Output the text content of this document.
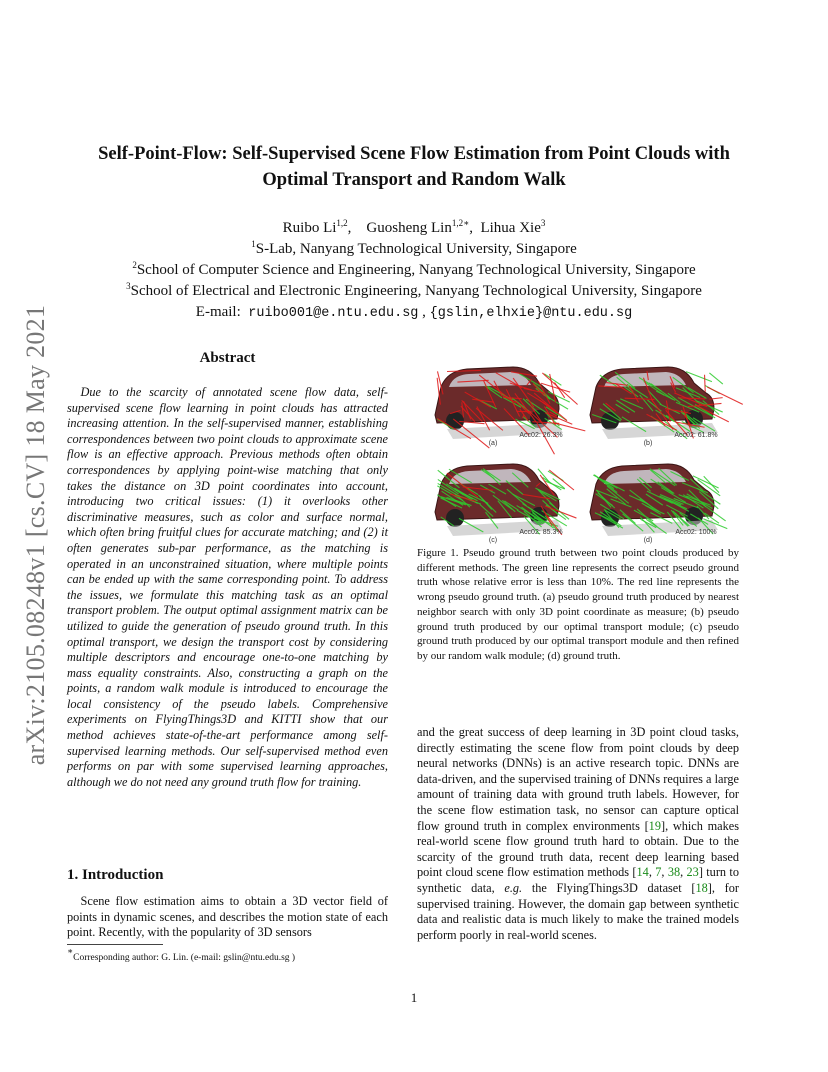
arXiv:2105.08248v1 [cs.CV] 18 May 2021
Self-Point-Flow: Self-Supervised Scene Flow Estimation from Point Clouds with
Optimal Transport and Random Walk
Ruibo Li$^{1,2}$,    Guosheng Lin$^{1,2∗}$,  Lihua Xie$^3$
$^1$S-Lab, Nanyang Technological University, Singapore
$^2$School of Computer Science and Engineering, Nanyang Technological University, Singapore
$^3$School of Electrical and Electronic Engineering, Nanyang Technological University, Singapore
E-mail: ruibo001@e.ntu.edu.sg , {gslin,elhxie}@ntu.edu.sg
Abstract
Due to the scarcity of annotated scene flow data, self-supervised scene flow learning in point clouds has attracted increasing attention. In the self-supervised manner, establishing correspondences between two point clouds to approximate scene flow is an effective approach. Previous methods often obtain correspondences by applying point-wise matching that only takes the distance on 3D point coordinates into account, introducing two critical issues: (1) it overlooks other discriminative measures, such as color and surface normal, which often bring fruitful clues for accurate matching; and (2) it often generates sub-par performance, as the matching is operated in an unconstrained situation, where multiple points can be ended up with the same corresponding point. To address the issues, we formulate this matching task as an optimal transport problem. The output optimal assignment matrix can be utilized to guide the generation of pseudo ground truth. In this optimal transport, we design the transport cost by considering multiple descriptors and encourage one-to-one matching by mass equality constraints. Also, constructing a graph on the points, a random walk module is introduced to encourage the local consistency of the pseudo labels. Comprehensive experiments on FlyingThings3D and KITTI show that our method achieves state-of-the-art performance among self-supervised learning methods. Our self-supervised method even performs on par with some supervised learning approaches, although we do not need any ground truth flow for training.
1. Introduction
Scene flow estimation aims to obtain a 3D vector field of points in dynamic scenes, and describes the motion state of each point. Recently, with the popularity of 3D sensors
∗Corresponding author: G. Lin. (e-mail: gslin@ntu.edu.sg )
Acc02: 26.3%
(a)
Acc02: 61.8%
(b)
Acc02: 85.3%
(c)
Acc02: 100%
(d)
Figure 1. Pseudo ground truth between two point clouds produced by different methods. The green line represents the correct pseudo ground truth whose relative error is less than 10%. The red line represents the wrong pseudo ground truth. (a) pseudo ground truth produced by nearest neighbor search with only 3D point coordinate as measure; (b) pseudo ground truth produced by our optimal transport module; (c) pseudo ground truth produced by our optimal transport module and then refined by our random walk module; (d) ground truth.
and the great success of deep learning in 3D point cloud tasks, directly estimating the scene flow from point clouds by deep neural networks (DNNs) is an active research topic. DNNs are data-driven, and the supervised training of DNNs requires a large amount of training data with ground truth labels. However, for the scene flow estimation task, no sensor can capture optical flow ground truth in complex environments [19], which makes real-world scene flow ground truth hard to obtain. Due to the scarcity of the ground truth data, recent deep learning based point cloud scene flow estimation methods [14, 7, 38, 23] turn to synthetic data, e.g. the FlyingThings3D dataset [18], for supervised training. However, the domain gap between synthetic data and realistic data is much likely to make the trained models perform poorly in real-world scenes.
1
